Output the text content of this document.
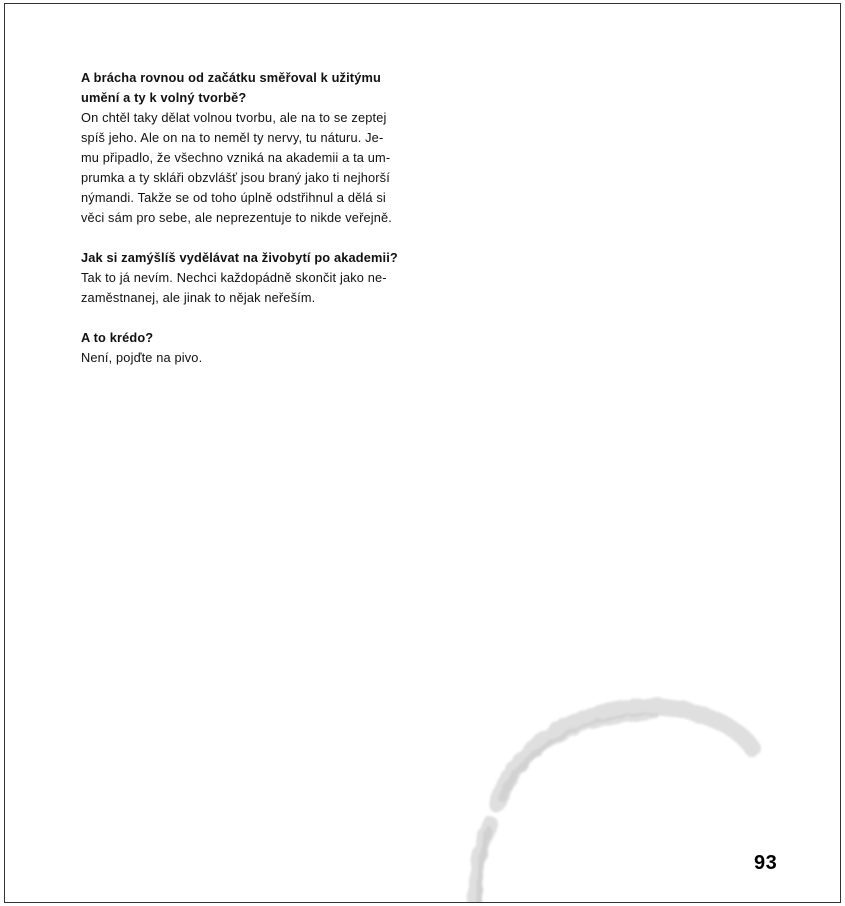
A brácha rovnou od začátku směřoval k užitýmu
umění a ty k volný tvorbě?
On chtěl taky dělat volnou tvorbu, ale na to se zeptej
spíš jeho. Ale on na to neměl ty nervy, tu náturu. Je-
mu připadlo, že všechno vzniká na akademii a ta um-
prumka a ty skláři obzvlášť jsou braný jako ti nejhorší
nýmandi. Takže se od toho úplně odstřihnul a dělá si
věci sám pro sebe, ale neprezentuje to nikde veřejně.
Jak si zamýšlíš vydělávat na živobytí po akademii?
Tak to já nevím. Nechci každopádně skončit jako ne-
zaměstnanej, ale jinak to nějak neřeším.
A to krédo?
Není, pojďte na pivo.
93
